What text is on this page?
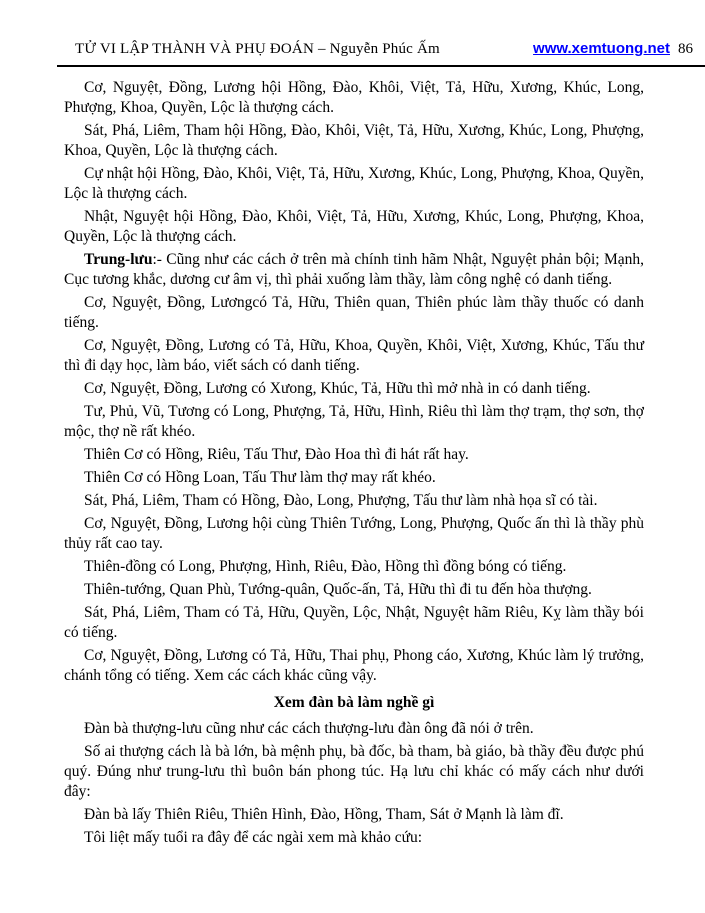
TỬ VI LẬP THÀNH VÀ PHỤ ĐOÁN – Nguyễn Phúc Ấm	www.xemtuong.net 86

Cơ, Nguyệt, Đồng, Lương hội Hồng, Đào, Khôi, Việt, Tả, Hữu, Xương, Khúc, Long, Phượng, Khoa, Quyền, Lộc là thượng cách.

Sát, Phá, Liêm, Tham hội Hồng, Đào, Khôi, Việt, Tả, Hữu, Xương, Khúc, Long, Phượng, Khoa, Quyền, Lộc là thượng cách.

Cự nhật hội Hồng, Đào, Khôi, Việt, Tả, Hữu, Xương, Khúc, Long, Phượng, Khoa, Quyền, Lộc là thượng cách.

Nhật, Nguyệt hội Hồng, Đào, Khôi, Việt, Tả, Hữu, Xương, Khúc, Long, Phượng, Khoa, Quyền, Lộc là thượng cách.

Trung-lưu:- Cũng như các cách ở trên mà chính tinh hãm Nhật, Nguyệt phản bội; Mạnh, Cục tương khắc, dương cư âm vị, thì phải xuống làm thầy, làm công nghệ có danh tiếng.

Cơ, Nguyệt, Đồng, Lươngcó Tả, Hữu, Thiên quan, Thiên phúc làm thầy thuốc có danh tiếng.

Cơ, Nguyệt, Đồng, Lương có Tả, Hữu, Khoa, Quyền, Khôi, Việt, Xương, Khúc, Tấu thư thì đi dạy học, làm báo, viết sách có danh tiếng.

Cơ, Nguyệt, Đồng, Lương có Xưong, Khúc, Tả, Hữu thì mở nhà in có danh tiếng.

Tư, Phủ, Vũ, Tương có Long, Phượng, Tả, Hữu, Hình, Riêu thì làm thợ trạm, thợ sơn, thợ mộc, thợ nề rất khéo.

Thiên Cơ có Hồng, Riêu, Tấu Thư, Đào Hoa thì đi hát rất hay.

Thiên Cơ có Hồng Loan, Tấu Thư làm thợ may rất khéo.

Sát, Phá, Liêm, Tham có Hồng, Đào, Long, Phượng, Tấu thư làm nhà họa sĩ có tài.

Cơ, Nguyệt, Đồng, Lương hội cùng Thiên Tướng, Long, Phượng, Quốc ấn thì là thầy phù thủy rất cao tay.

Thiên-đồng có Long, Phượng, Hình, Riêu, Đào, Hồng thì đồng bóng có tiếng.

Thiên-tướng, Quan Phù, Tướng-quân, Quốc-ấn, Tả, Hữu thì đi tu đến hòa thượng.

Sát, Phá, Liêm, Tham có Tả, Hữu, Quyền, Lộc, Nhật, Nguyệt hãm Riêu, Kỵ làm thầy bói có tiếng.

Cơ, Nguyệt, Đồng, Lương có Tả, Hữu, Thai phụ, Phong cáo, Xương, Khúc làm lý trưởng, chánh tổng có tiếng. Xem các cách khác cũng vậy.

Xem đàn bà làm nghề gì

Đàn bà thượng-lưu cũng như các cách thượng-lưu đàn ông đã nói ở trên.

Số ai thượng cách là bà lớn, bà mệnh phụ, bà đốc, bà tham, bà giáo, bà thầy đều được phú quý. Đúng như trung-lưu thì buôn bán phong túc. Hạ lưu chỉ khác có mấy cách như dưới đây:

Đàn bà lấy Thiên Riêu, Thiên Hình, Đào, Hồng, Tham, Sát ở Mạnh là làm đĩ.

Tôi liệt mấy tuổi ra đây để các ngài xem mà khảo cứu:
